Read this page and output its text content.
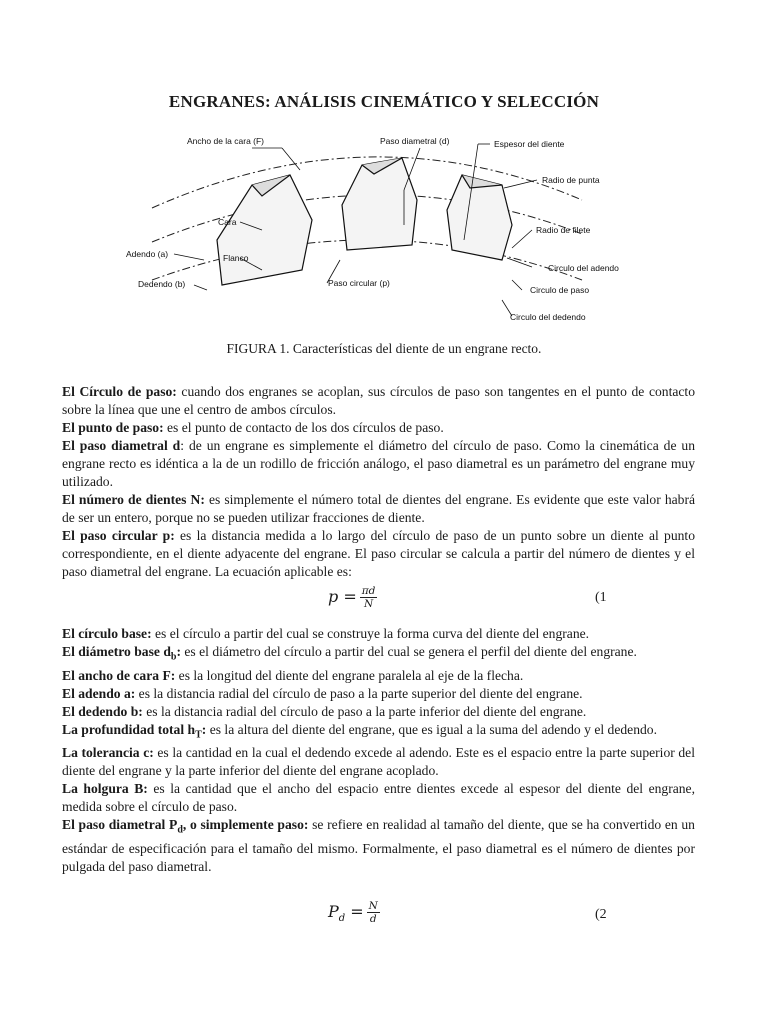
ENGRANES: ANÁLISIS CINEMÁTICO Y SELECCIÓN
Ancho de la cara (F)	Paso diametral (d)	Espesor del diente
Radio de punta
Radio de filete
Cara
Flanco
Adendo (a)
Dedendo (b)	Paso circular (p)
Circulo del adendo
Circulo de paso
Circulo del dedendo
FIGURA 1. Características del diente de un engrane recto.

El Círculo de paso: cuando dos engranes se acoplan, sus círculos de paso son tangentes en el punto de contacto sobre la línea que une el centro de ambos círculos.

El punto de paso: es el punto de contacto de los dos círculos de paso.

El paso diametral d: de un engrane es simplemente el diámetro del círculo de paso. Como la cinemática de un engrane recto es idéntica a la de un rodillo de fricción análogo, el paso diametral es un parámetro del engrane muy utilizado.

El número de dientes N: es simplemente el número total de dientes del engrane. Es evidente que este valor habrá de ser un entero, porque no se pueden utilizar fracciones de diente.

El paso circular p: es la distancia medida a lo largo del círculo de paso de un punto sobre un diente al punto correspondiente, en el diente adyacente del engrane. El paso circular se calcula a partir del número de dientes y el paso diametral del engrane. La ecuación aplicable es:

$p = \frac{\pi d}{N}$	(1

El círculo base: es el círculo a partir del cual se construye la forma curva del diente del engrane.

El diámetro base $d_b$: es el diámetro del círculo a partir del cual se genera el perfil del diente del engrane.

El ancho de cara F: es la longitud del diente del engrane paralela al eje de la flecha.

El adendo a: es la distancia radial del círculo de paso a la parte superior del diente del engrane.

El dedendo b: es la distancia radial del círculo de paso a la parte inferior del diente del engrane.

La profundidad total $h_T$: es la altura del diente del engrane, que es igual a la suma del adendo y el dedendo.

La tolerancia c: es la cantidad en la cual el dedendo excede al adendo. Este es el espacio entre la parte superior del diente del engrane y la parte inferior del diente del engrane acoplado.

La holgura B: es la cantidad que el ancho del espacio entre dientes excede al espesor del diente del engrane, medida sobre el círculo de paso.

El paso diametral $P_d$, o simplemente paso: se refiere en realidad al tamaño del diente, que se ha convertido en un estándar de especificación para el tamaño del mismo. Formalmente, el paso diametral es el número de dientes por pulgada del paso diametral.

$P_d = \frac{N}{d}$	(2
